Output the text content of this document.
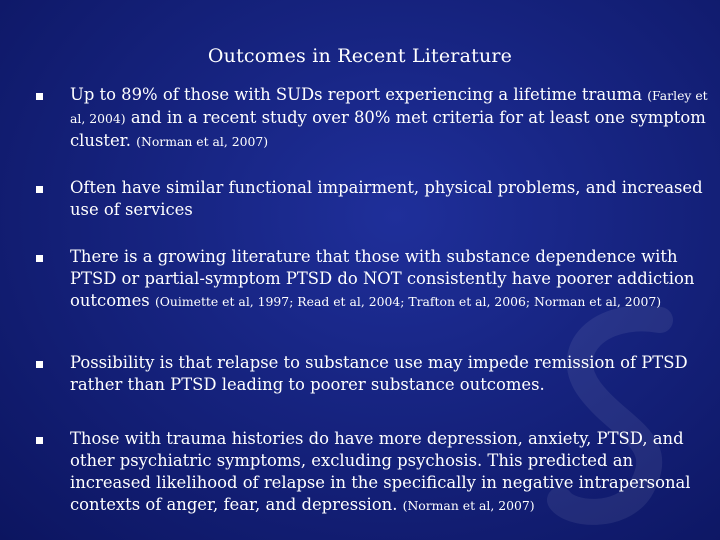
Outcomes in Recent Literature
Up to 89% of those with SUDs report experiencing a lifetime trauma (Farley et al, 2004) and in a recent study over 80% met criteria for at least one symptom cluster. (Norman et al, 2007)
Often have similar functional impairment, physical problems, and increased use of services
There is a growing literature that those with substance dependence with PTSD or partial-symptom PTSD do NOT consistently have poorer addiction outcomes (Ouimette et al, 1997; Read et al, 2004; Trafton et al, 2006; Norman et al, 2007)
Possibility is that relapse to substance use may impede remission of PTSD rather than PTSD leading to poorer substance outcomes.
Those with trauma histories do have more depression, anxiety, PTSD, and other psychiatric symptoms, excluding psychosis. This predicted an increased likelihood of relapse in the specifically in negative intrapersonal contexts of anger, fear, and depression. (Norman et al, 2007)
